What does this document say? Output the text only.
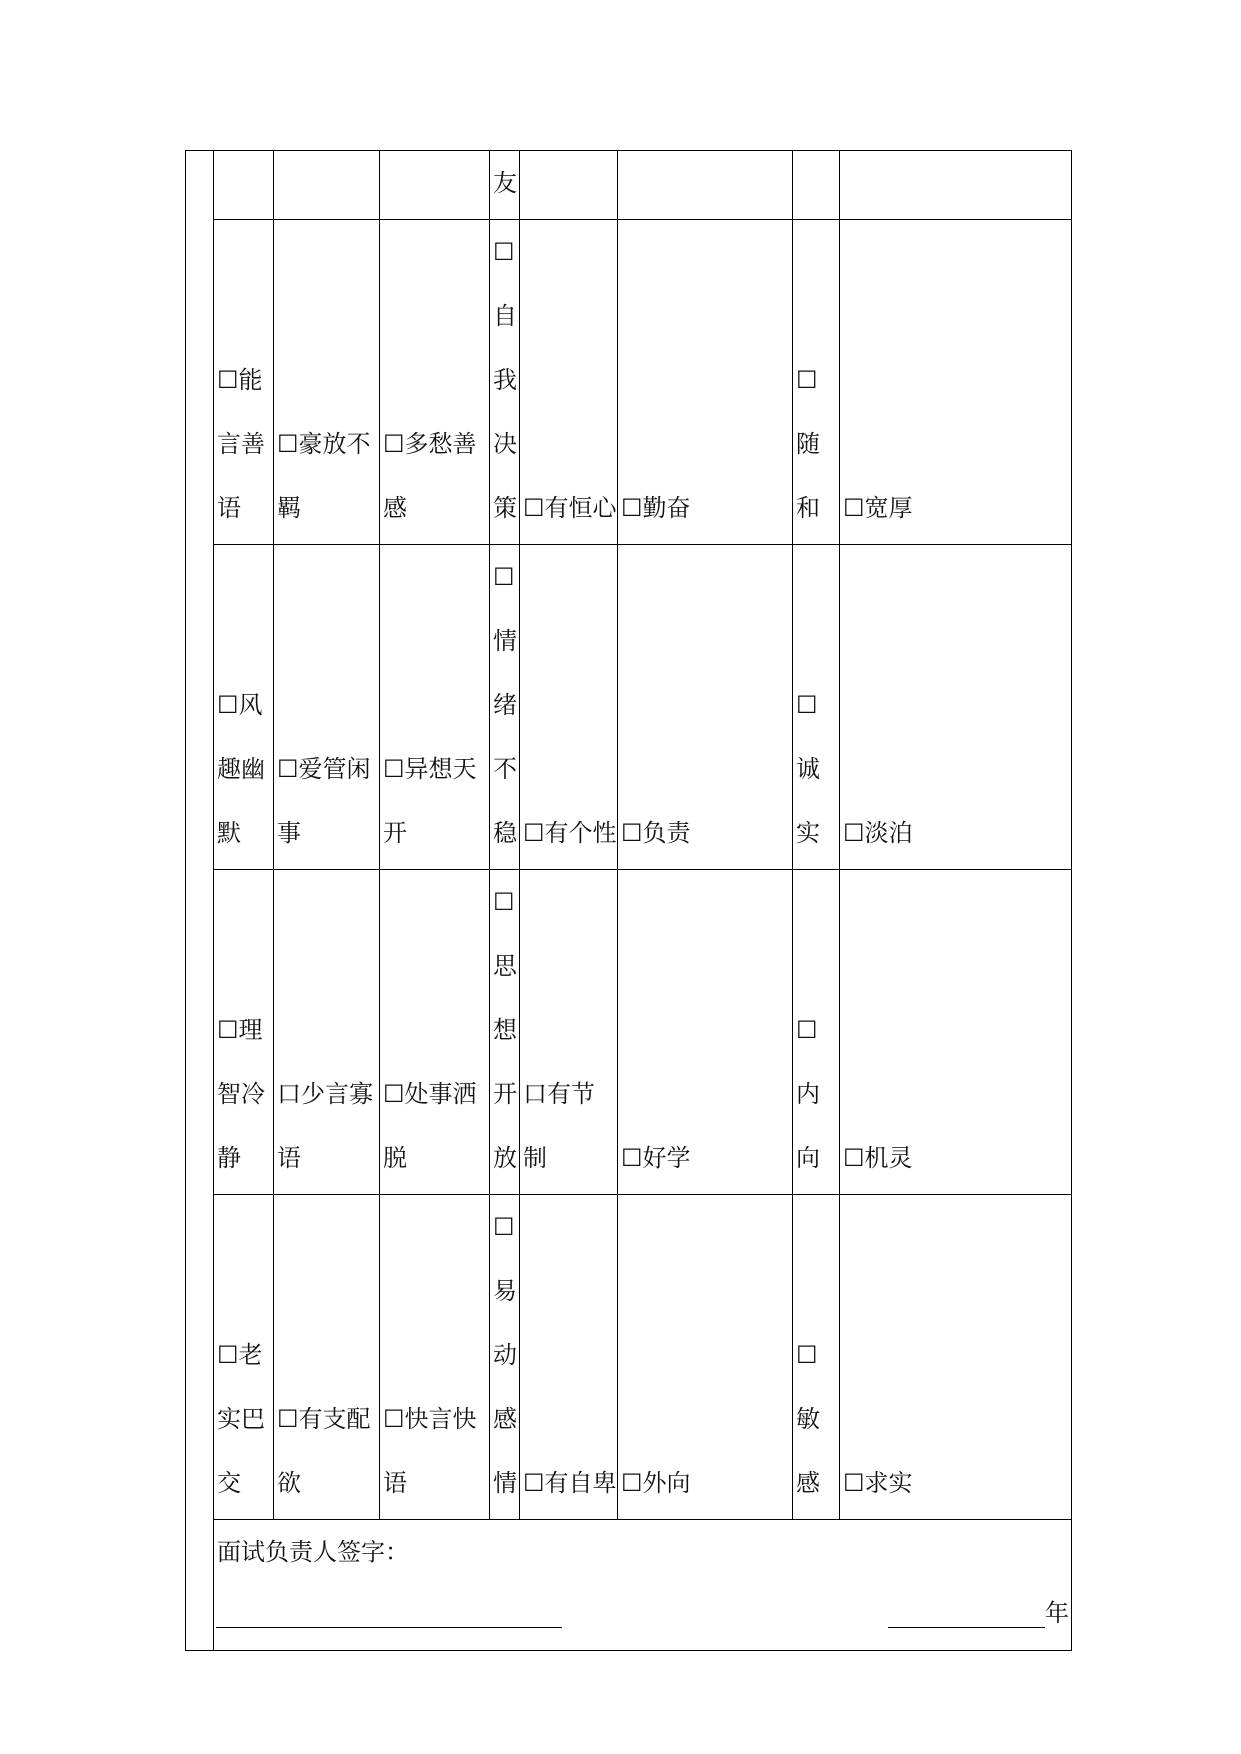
				友				

	☐能言善语	☐豪放不羁	☐多愁善感	☐自我决策	☐有恒心	☐勤奋	☐随和	☐宽厚

	☐风趣幽默	☐爱管闲事	☐异想天开	☐情绪不稳	☐有个性	☐负责	☐诚实	☐淡泊

	☐理智冷静	口少言寡语	☐处事洒脱	☐思想开放	口有节制	☐好学	☐内向	☐机灵

	☐老实巴交	☐有支配欲	☐快言快语	☐易动感情	☐有自卑	☐外向	☐敏感	☐求实

	面试负责人签字：
年							
